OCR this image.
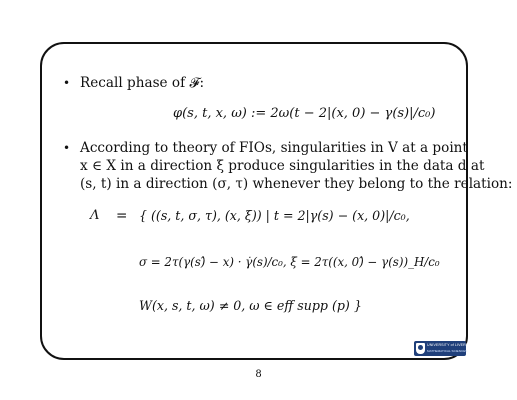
• Recall phase of 𝓕:
φ(s, t, x, ω) := 2ω(t − 2|(x, 0) − γ(s)|/c₀)
• According to theory of FIOs, singularities in V at a point
x ∈ X in a direction ξ produce singularities in the data d at
(s, t) in a direction (σ, τ) whenever they belong to the relation:
Λ = { ((s, t, σ, τ), (x, ξ)) | t = 2|γ(s) − (x, 0)|/c₀,
σ = 2τ(γ(s)̂ − x) · γ̇(s)/c₀, ξ = 2τ((x, 0)̂ − γ(s))_H/c₀
W(x, s, t, ω) ≠ 0, ω ∈ eff supp (p) }
UNIVERSITY of LIVERPOOL
MATHEMATICAL SCIENCES
8
